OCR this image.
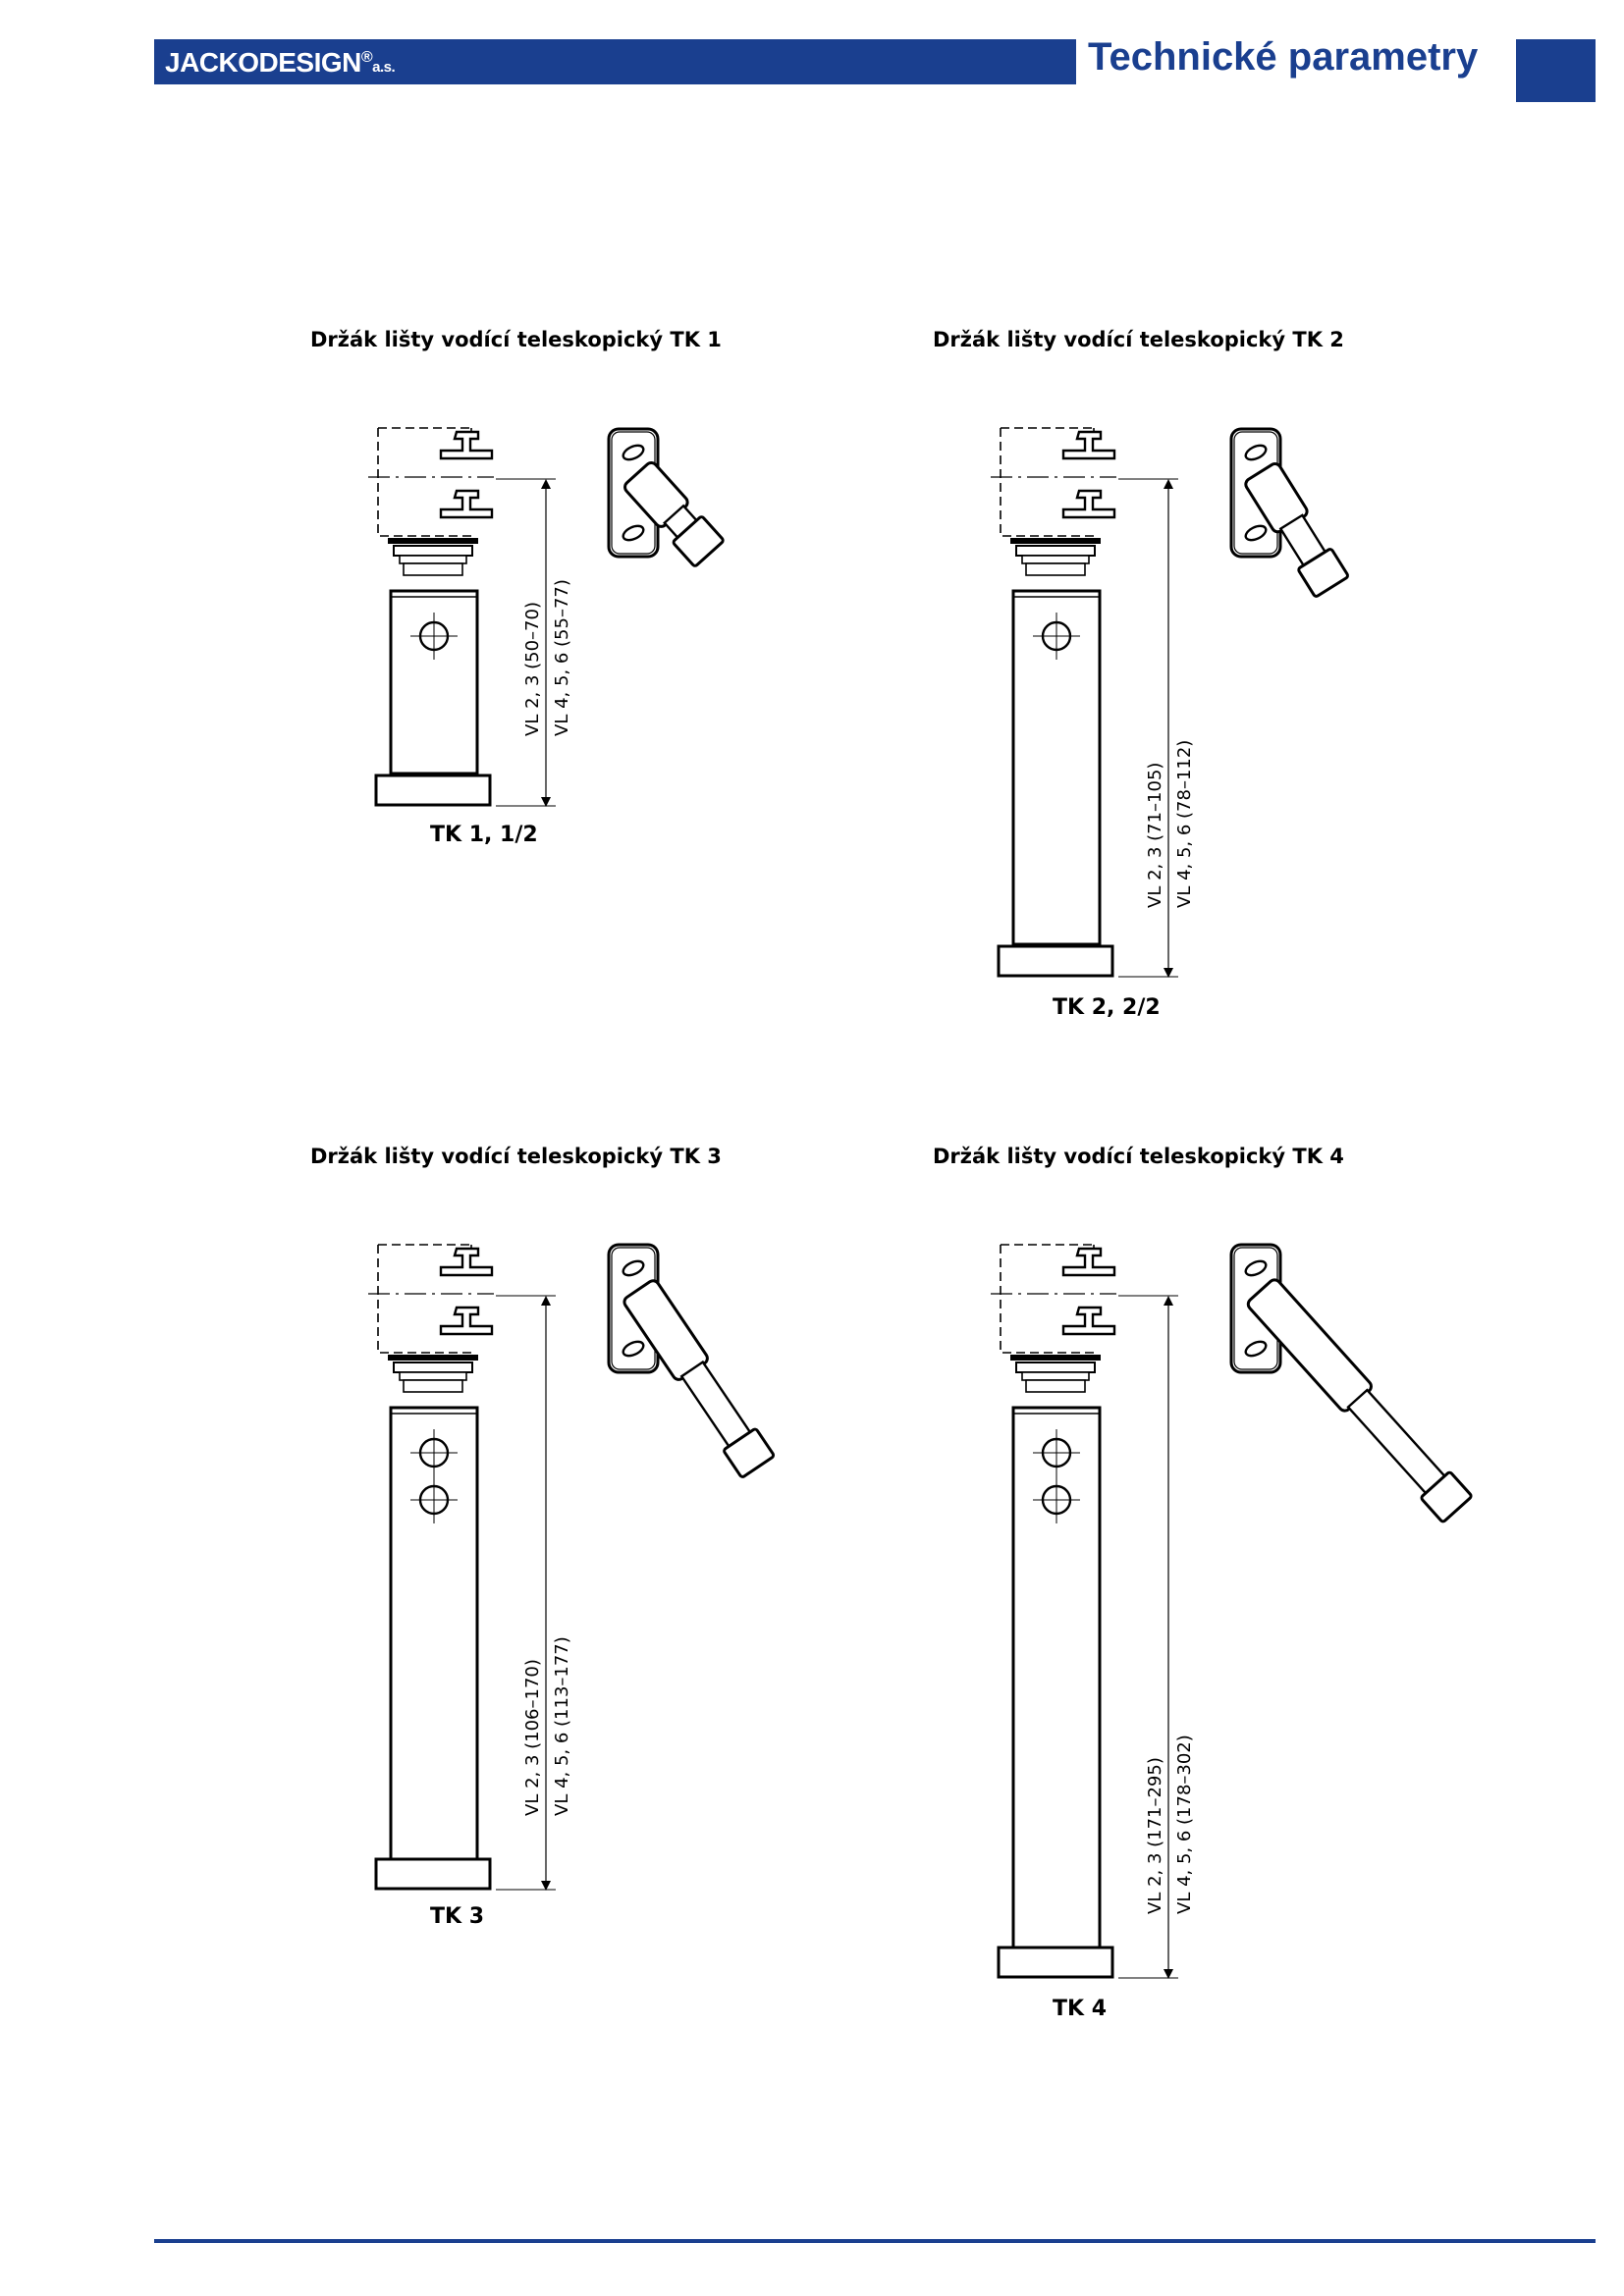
JACKODESIGN®a.s.	Technické parametry
Držák lišty vodící teleskopický TK 1	Držák lišty vodící teleskopický TK 2
Držák lišty vodící teleskopický TK 3	Držák lišty vodící teleskopický TK 4
TK 1, 1/2
TK 2, 2/2
TK 3
TK 4
VL 2, 3 (50–70) VL 4, 5, 6 (55–77)
VL 2, 3 (71–105) VL 4, 5, 6 (78–112)
VL 2, 3 (106–170) VL 4, 5, 6 (113–177)
VL 2, 3 (171–295) VL 4, 5, 6 (178–302)
